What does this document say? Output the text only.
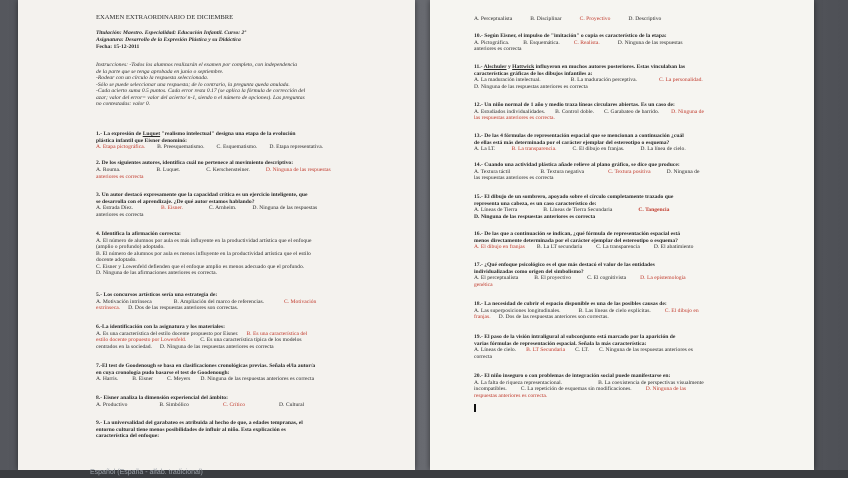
EXAMEN EXTRAORDINARIO DE DICIEMBRE
Titulación: Maestro. Especialidad: Educación Infantil. Curso: 2º
Asignatura: Desarrollo de la Expresión Plástica y su Didáctica
Fecha: 15-12-2011
Instrucciones: -Todos los alumnos realizarán el examen por completo, con independencia
de la parte que se tenga aprobada en junio o septiembre.
-Rodear con un círculo la respuesta seleccionada.
-Sólo se puede seleccionar una respuesta; de lo contrario, la pregunta queda anulada.
-Cada acierto suma 0.5 puntos. Cada error resta 0.17 (se aplica la fórmula de corrección del
azar; valor del error= valor del acierto/ n-1, siendo n el número de opciones). Las preguntas
no contestadas: valor 0.
1.- La expresión de Luquet "realismo intelectual" designa una etapa de la evolución
plástica infantil que Eisner denominó:
A. Etapa pictográfica. B. Preesquematismo. C. Esquematismo. D. Etapa representativa.
2. De los siguientes autores, identifica cuál no pertenece al movimiento descriptivo:
A. Rouma.	B. Luquet.	C. Kerschensteiner.	D. Ninguna de las respuestas
anteriores es correcta
3. Un autor destacó expresamente que la capacidad crítica es un ejercicio inteligente, que
se desarrolla con el aprendizaje. ¿De qué autor estamos hablando?
A. Estrada Díez.	B. Eisner.	C. Arnheim.	D. Ninguna de las respuestas
anteriores es correcta
4. Identifica la afirmación correcta:
A. El número de alumnos por aula es más influyente en la productividad artística que el enfoque
(amplio o profundo) adoptado.
B. El número de alumnos por aula es menos influyente en la productividad artística que el estilo
docente adoptado.
C. Eisner y Lowenfeld defienden que el enfoque amplio es menos adecuado que el profundo.
D. Ninguna de las afirmaciones anteriores es correcta.
5.- Los concursos artísticos sería una estrategia de:
A. Motivación intrínseca	B. Ampliación del marco de referencias.	C. Motivación
extrínseca. D. Dos de las respuestas anteriores son correctas.
6.-La identificación con la asignatura y los materiales:
A. Es una característica del estilo docente propuesto por Eisner. B. Es una característica del
estilo docente propuesto por Lowenfeld.	C. Es una característica típica de los modelos
centrados en la sociedad. D. Ninguna de las respuestas anteriores es correcta
7.-El test de Goodenough se basa en clasificaciones cronológicas previas. Señala el/la autor/a
en cuya cronología pudo basarse el test de Goodenough:
A. Harris.	B. Eisner	C. Meyers D. Ninguna de las respuestas anteriores es correcta
8.- Eisner analiza la dimensión experiencial del ámbito:
A. Productivo	B. Simbólico	C. Crítico	D. Cultural
9.- La universalidad del garabateo es atribuida al hecho de que, a edades tempranas, el
entorno cultural tiene menos posibilidades de influir al niño. Esta explicación es
característica del enfoque:
A. Perceptualista	B. Disciplinar	C. Proyectivo	D. Descriptivo
10.- Según Eisner, el impulso de "imitación" o copia es característico de la etapa:
A. Pictográfica.	B. Esquemática.	C. Realista.	D. Ninguna de las respuestas
anteriores es correcta
11.- Alschuler y Hattwick influyeron en muchos autores posteriores. Estas vinculaban las
características gráficas de los dibujos infantiles a:
A. La maduración intelectual.	B. La maduración perceptiva.	C. La personalidad.
D. Ninguna de las respuestas anteriores es correcta
12.- Un niño normal de 1 año y medio traza líneas circulares abiertas. Es un caso de:
A. Estudiados individualidades. B. Control doble. C. Garabateo de barrido. D. Ninguna de
las respuestas anteriores es correcta.
13.- De las 4 fórmulas de representación espacial que se mencionan a continuación ¿cuál
de ellas está más determinada por el carácter ejemplar del estereotipo o esquema?
A. La LT.	B. La transparencia.	C. El dibujo en franjas.	D. La línea de cielo.
14.- Cuando una actividad plástica añade relieve al plano gráfico, se dice que produce:
A. Textura táctil	B. Textura negativa	C. Textura positiva	D. Ninguna de
las respuestas anteriores es correcta
15.- El dibujo de un sombrero, apoyado sobre el círculo completamente trazado que
representa una cabeza, es un caso característico de:
A. Líneas de Tierra	B. Líneas de Tierra Secundaria	C. Tangencia
D. Ninguna de las respuestas anteriores es correcta
16.- De las que a continuación se indican, ¿qué fórmula de representación espacial está
menos directamente determinada por el carácter ejemplar del estereotipo o esquema?
A. El dibujo en franjas B. La LT secundaria	C. La transparencia	D. El abatimiento
17.- ¿Qué enfoque psicológico es el que más destacó el valor de las entidades
individualizadas como origen del simbolismo?
A. El perceptualista	B. El proyectivo	C. El cognitivista	D. La epistemología
genética
18.- La necesidad de cubrir el espacio disponible es una de las posibles causas de:
A. Las superposiciones longitudinales.	B. Las líneas de cielo explícitas.	C. El dibujo en
franjas. D. Dos de las respuestas anteriores son correctas.
19.- El paso de la visión intraligural al subconjunto está marcado por la aparición de
varias fórmulas de representación espacial. Señala la más característica:
A. Líneas de cielo. B. LT Secundaria C. LT. C. Ninguna de las respuestas anteriores es
correcta
20.- El niño inseguro o con problemas de integración social puede manifestarse en:
A. La falta de riqueza representacional.	B. La coexistencia de perspectivas visualmente
incompatibles.	C. La repetición de esquemas sin modificaciones.	D. Ninguna de las
respuestas anteriores es correcta.
Español (España - alfab. tradicional)
